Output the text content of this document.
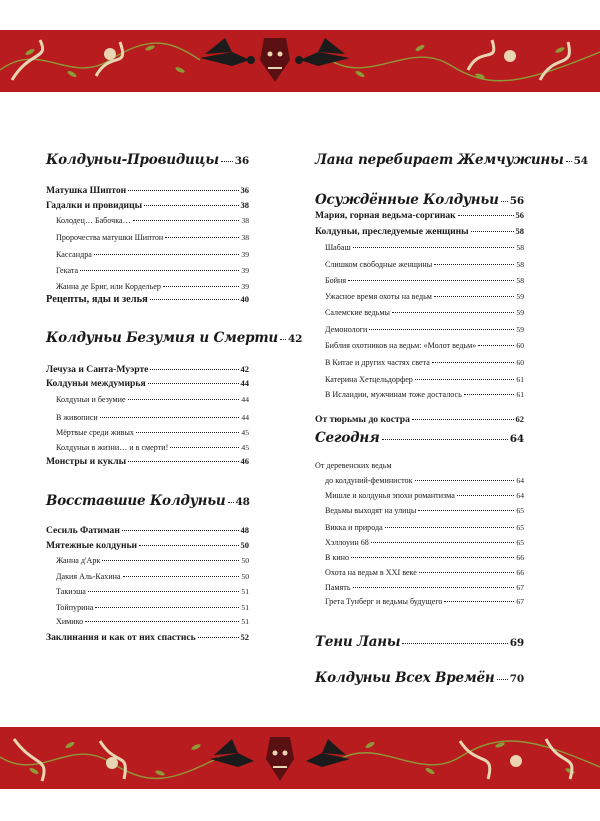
Колдуньи-Провидицы 36
Матушка Шиптон	36
Гадалки и провидицы	38
Колодец… Бабочка…	38
Пророчества матушки Шиптон	38
Кассандра	39
Геката	39
Жанна де Бриг, или Кордельер	39
Рецепты, яды и зелья	40
Колдуньи Безумия и Смерти 42
Лечуза и Санта-Муэрте	42
Колдуньи междумирья	44
Колдуньи и безумие	44
В живописи	44
Мёртвые среди живых	45
Колдуньи в жизни… и в смерти!	45
Монстры и куклы	46
Восставшие Колдуньи 48
Сесиль Фатиман	48
Мятежные колдуньи	50
Жанна д'Арк	50
Дакия Аль-Кахина	50
Такиэша	51
Тойпурина	51
Химико	51
Заклинания и как от них спастись	52
Лана перебирает Жемчужины 54
Осуждённые Колдуньи 56
Мария, горная ведьма-соргинак	56
Колдуньи, преследуемые женщины	58
Шабаш	58
Слишком свободные женщины	58
Бойня	58
Ужасное время охоты на ведьм	59
Салемские ведьмы	59
Демонологи	59
Библия охотников на ведьм: «Молот ведьм»	60
В Китае и других частях света	60
Катерина Хетцельдорфер	61
В Исландии, мужчинам тоже досталось	61
От тюрьмы до костра	62
Сегодня	64
От деревенских ведьм
до колдуний-феминисток	64
Мишле и колдунья эпохи романтизма	64
Ведьмы выходят на улицы	65
Викка и природа	65
Хэллоуин 68	65
В кино	66
Охота на ведьм в XXI веке	66
Память	67
Грета Тунберг и ведьмы будущего	67
Тени Ланы	69
Колдуньи Всех Времён 70
